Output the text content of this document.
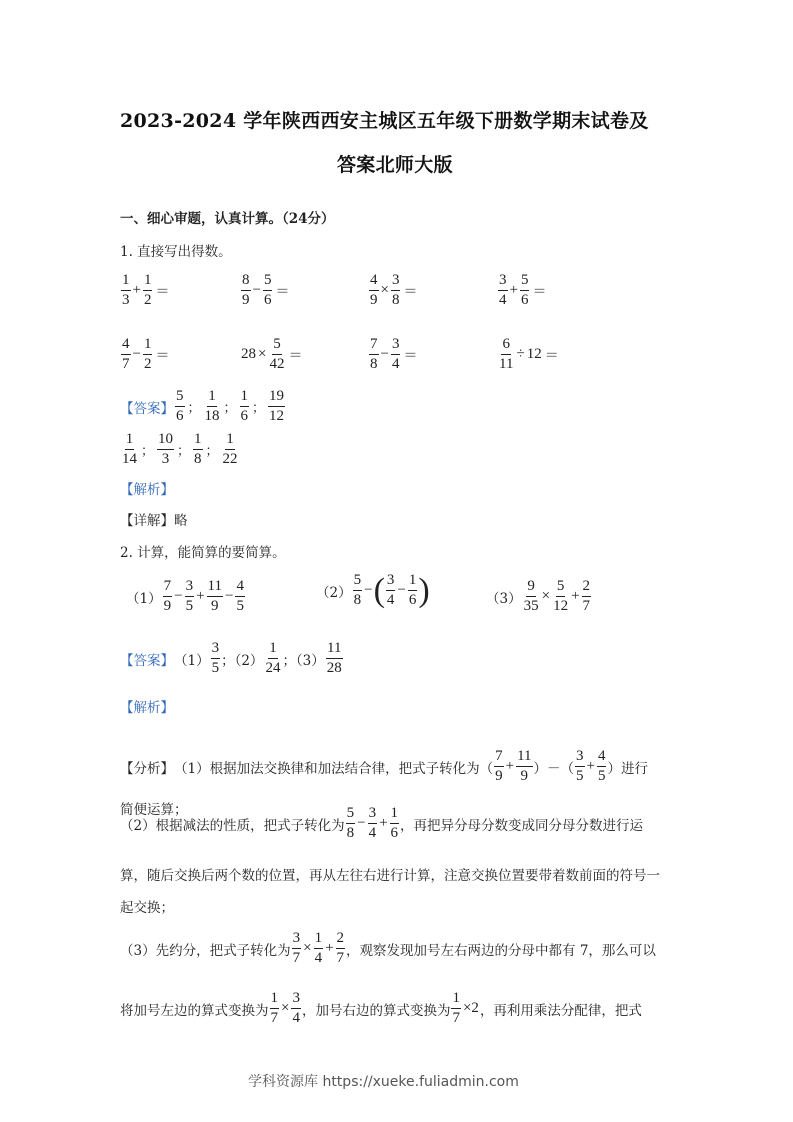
2023-2024 学年陕西西安主城区五年级下册数学期末试卷及
答案北师大版
一、细心审题，认真计算。（24分）
1. 直接写出得数。
$\frac{1}{3} + \frac{1}{2}$ ＝	$\frac{8}{9} - \frac{5}{6}$ ＝	$\frac{4}{9} \times \frac{3}{8}$ ＝	$\frac{3}{4} + \frac{5}{6}$ ＝
$\frac{4}{7} - \frac{1}{2}$ ＝	$28 \times \frac{5}{42}$ ＝	$\frac{7}{8} - \frac{3}{4}$ ＝	$\frac{6}{11} \div 12$ ＝
【答案】 $\frac{5}{6}$ ； $\frac{1}{18}$ ； $\frac{1}{6}$ ； $\frac{19}{12}$
$\frac{1}{14}$ ； $\frac{10}{3}$ ； $\frac{1}{8}$ ； $\frac{1}{22}$
【解析】
【详解】略
2. 计算，能简算的要简算。
$(1) \frac{7}{9} - \frac{3}{5} + \frac{11}{9} - \frac{4}{5}$	$(2) \frac{5}{8}$ − ( $\frac{3}{4} - \frac{1}{6}$ )	$(3) \frac{9}{35} \times \frac{5}{12} + \frac{2}{7}$
【答案】 $(1) \frac{3}{5}$ ；$(2) \frac{1}{24}$ ；$(3) \frac{11}{28}$
【解析】
【分析】 （1）根据加法交换律和加法结合律，把式子转化为（ $\frac{7}{9} + \frac{11}{9}$ ）－（ $\frac{3}{5} + \frac{4}{5}$ ）进行
简便运算；
（2）根据减法的性质，把式子转化为 $\frac{5}{8} - \frac{3}{4} + \frac{1}{6}$ ，再把异分母分数变成同分母分数进行运
算，随后交换后两个数的位置，再从左往右进行计算，注意交换位置要带着数前面的符号一
起交换；
（3）先约分，把式子转化为 $\frac{3}{7} \times \frac{1}{4} + \frac{2}{7}$ ，观察发现加号左右两边的分母中都有 7，那么可以
将加号左边的算式变换为 $\frac{1}{7} \times \frac{3}{4}$ ，加号右边的算式变换为 $\frac{1}{7} \times 2$ ，再利用乘法分配律，把式
学科资源库 https://xueke.fuliadmin.com
